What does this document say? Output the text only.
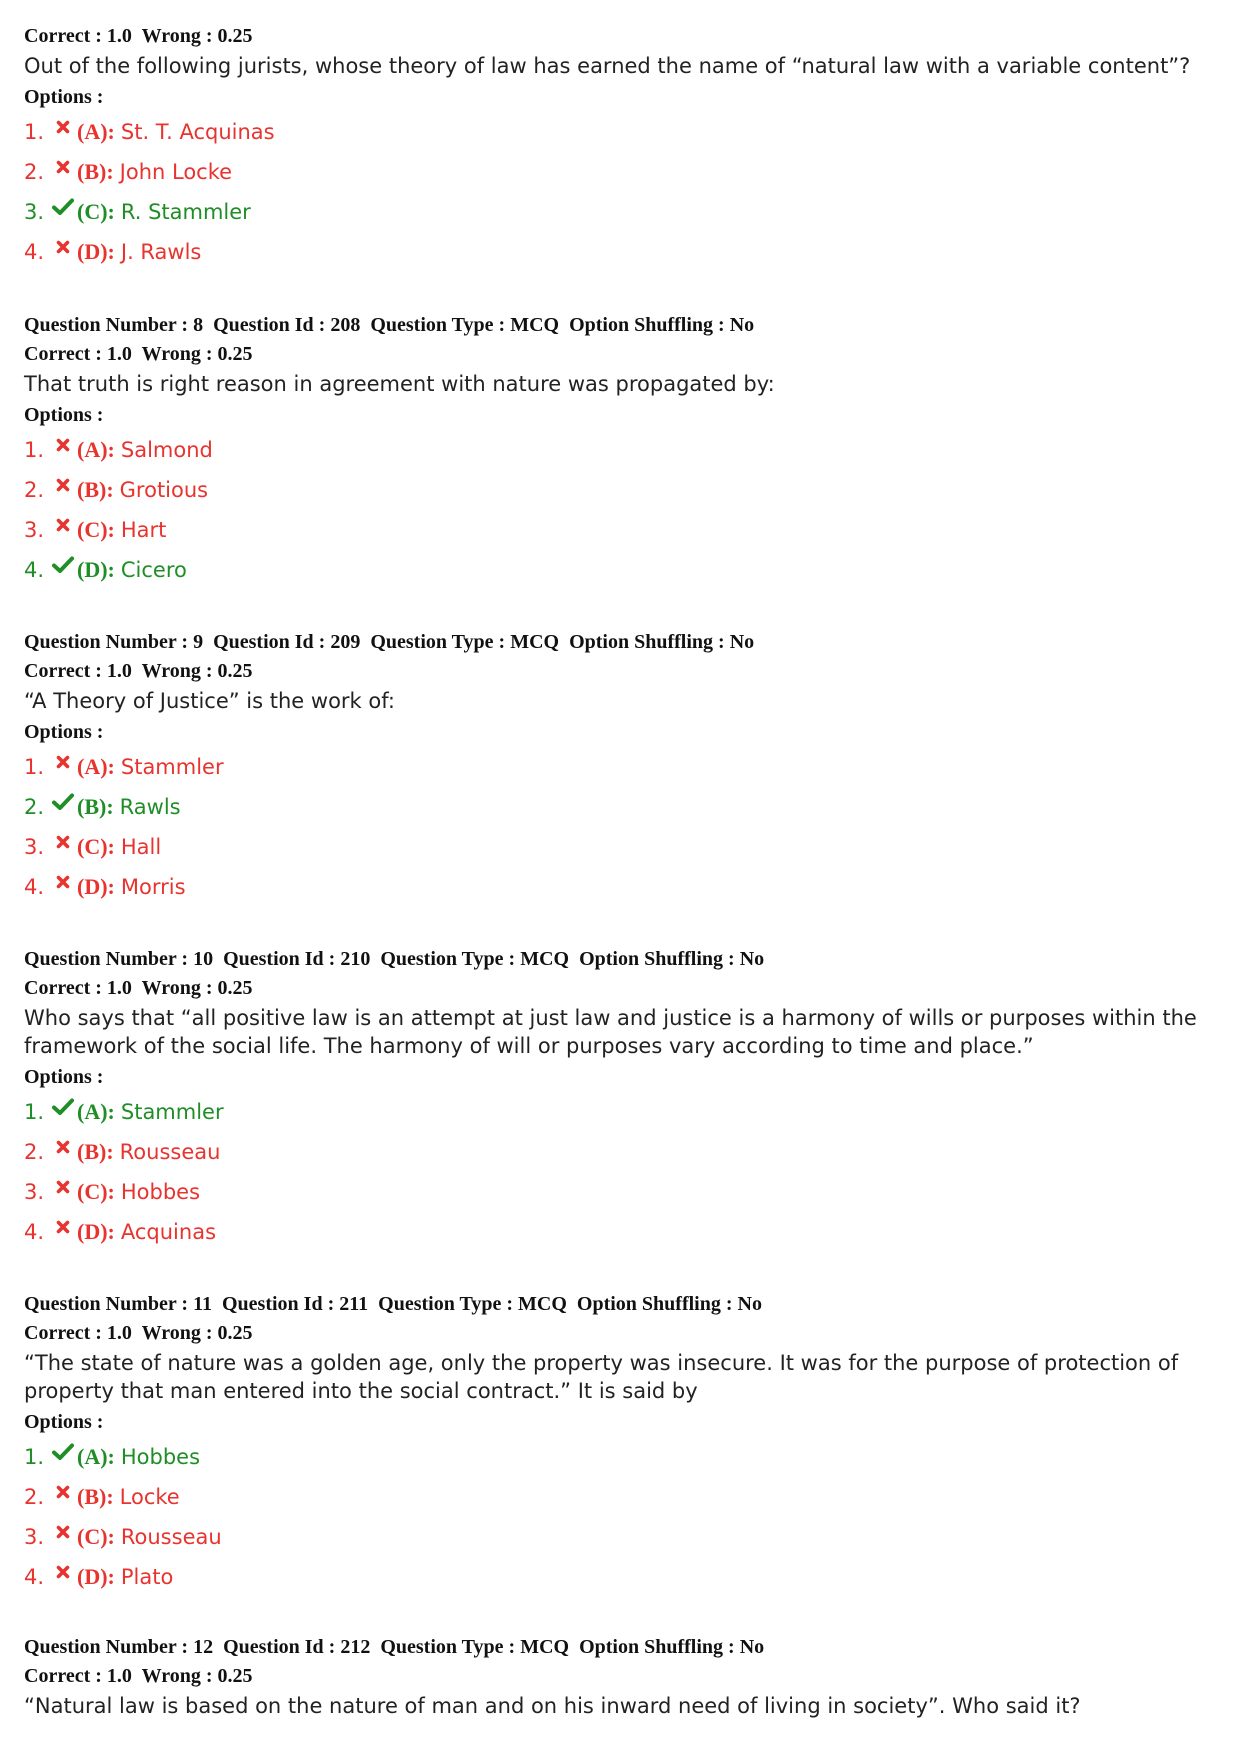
Correct : 1.0 Wrong : 0.25
Out of the following jurists, whose theory of law has earned the name of “natural law with a variable content”?
Options :
1. (A): St. T. Acquinas
2. (B): John Locke
3. (C): R. Stammler
4. (D): J. Rawls
Question Number : 8 Question Id : 208 Question Type : MCQ Option Shuffling : No
Correct : 1.0 Wrong : 0.25
That truth is right reason in agreement with nature was propagated by:
Options :
1. (A): Salmond
2. (B): Grotious
3. (C): Hart
4. (D): Cicero
Question Number : 9 Question Id : 209 Question Type : MCQ Option Shuffling : No
Correct : 1.0 Wrong : 0.25
“A Theory of Justice” is the work of:
Options :
1. (A): Stammler
2. (B): Rawls
3. (C): Hall
4. (D): Morris
Question Number : 10 Question Id : 210 Question Type : MCQ Option Shuffling : No
Correct : 1.0 Wrong : 0.25
Who says that “all positive law is an attempt at just law and justice is a harmony of wills or purposes within the framework of the social life. The harmony of will or purposes vary according to time and place.”
Options :
1. (A): Stammler
2. (B): Rousseau
3. (C): Hobbes
4. (D): Acquinas
Question Number : 11 Question Id : 211 Question Type : MCQ Option Shuffling : No
Correct : 1.0 Wrong : 0.25
“The state of nature was a golden age, only the property was insecure. It was for the purpose of protection of property that man entered into the social contract.” It is said by
Options :
1. (A): Hobbes
2. (B): Locke
3. (C): Rousseau
4. (D): Plato
Question Number : 12 Question Id : 212 Question Type : MCQ Option Shuffling : No
Correct : 1.0 Wrong : 0.25
“Natural law is based on the nature of man and on his inward need of living in society”. Who said it?
